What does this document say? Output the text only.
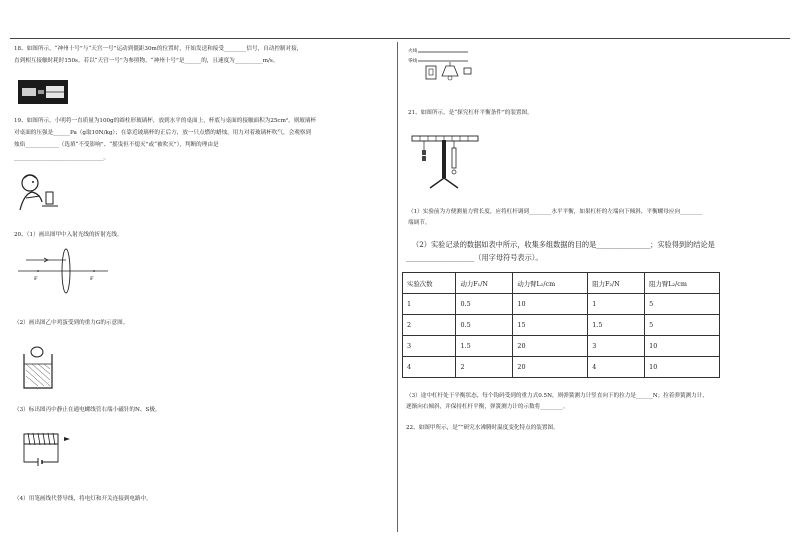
18、如图所示，“神州十号”与“天宫一号”运动到僵距30m的位置时，开始发送和接受________信号，自动控制对接，
直到相互接触时耗时150s。若以“天宫一号”为参照物，“神州十号”是______的，且速度为__________m/s。
19、如图所示，小明将一直质量为100g的圆柱形玻璃杯，放到水平的桌面上，杯底与桌面的接触面积为25cm²，则玻璃杯
对桌面的压强是______Pa（g取10N/kg）；在靠近玻璃杯的正后方，放一只点燃的蜡烛，用力对着玻璃杯吹气，会观察到
烛焰____________（选填“不受影响”、“摇曳但不熄灭”或“被吹灭”），判断的理由是
________________________________。
20、（1）画出图甲中入射光线的折射光线。
F	F
（2）画出图乙中鸡蛋受到的重力G的示意图。
（3）标出图丙中静止在通电螺线管右端小磁针的N、S极。
（4）用笔画线代替导线，将电灯和开关连接到电路中。
火线
零线
21、如图所示，是“探究杠杆平衡条件”的装置图。
（1）实验前为方便测量力臂长度，应将杠杆调到________水平平衡，如果杠杆的左端向下倾斜，平衡螺母应向________
端调节。
（2）实验记录的数据如表中所示，收集多组数据的目的是_______________；实验得到的结论是
___________________（用字母符号表示）。
实验次数	动力F₁/N	动力臂L₁/cm	阻力F₂/N	阻力臂L₂/cm
1	0.5	10	1	5
2	0.5	15	1.5	5
3	1.5	20	3	10
4	2	20	4	10
（3）途中杠杆处于平衡状态，每个钩码受到的重力式0.5N，则弹簧测力计竖直向下的拉力是______N；拉着弹簧测力计，
逐渐向右倾斜，并保持杠杆平衡，弹簧测力计的示数将________。
22、如图甲所示，是“”研究水沸腾时温度变化特点的装置图。
